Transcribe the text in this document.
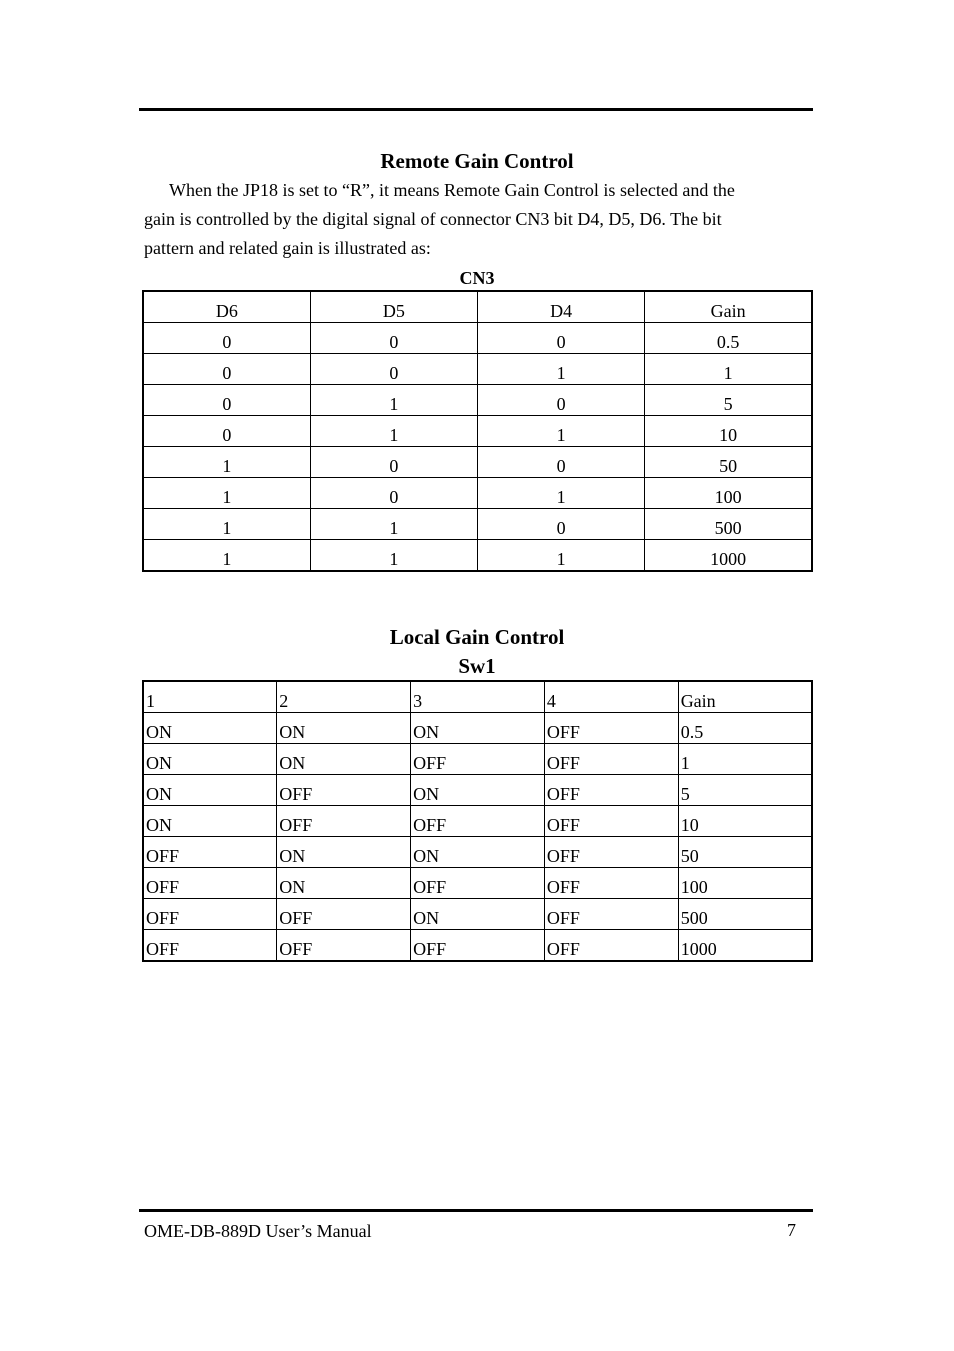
Remote Gain Control
When the JP18 is set to “R”, it means Remote Gain Control is selected and the
gain is controlled by the digital signal of connector CN3 bit D4, D5, D6. The bit
pattern and related gain is illustrated as:
CN3
D6	D5	D4	Gain
0	0	0	0.5
0	0	1	1
0	1	0	5
0	1	1	10
1	0	0	50
1	0	1	100
1	1	0	500
1	1	1	1000
Local Gain Control
Sw1
1	2	3	4	Gain
ON	ON	ON	OFF	0.5
ON	ON	OFF	OFF	1
ON	OFF	ON	OFF	5
ON	OFF	OFF	OFF	10
OFF	ON	ON	OFF	50
OFF	ON	OFF	OFF	100
OFF	OFF	ON	OFF	500
OFF	OFF	OFF	OFF	1000
OME-DB-889D User’s Manual	7
